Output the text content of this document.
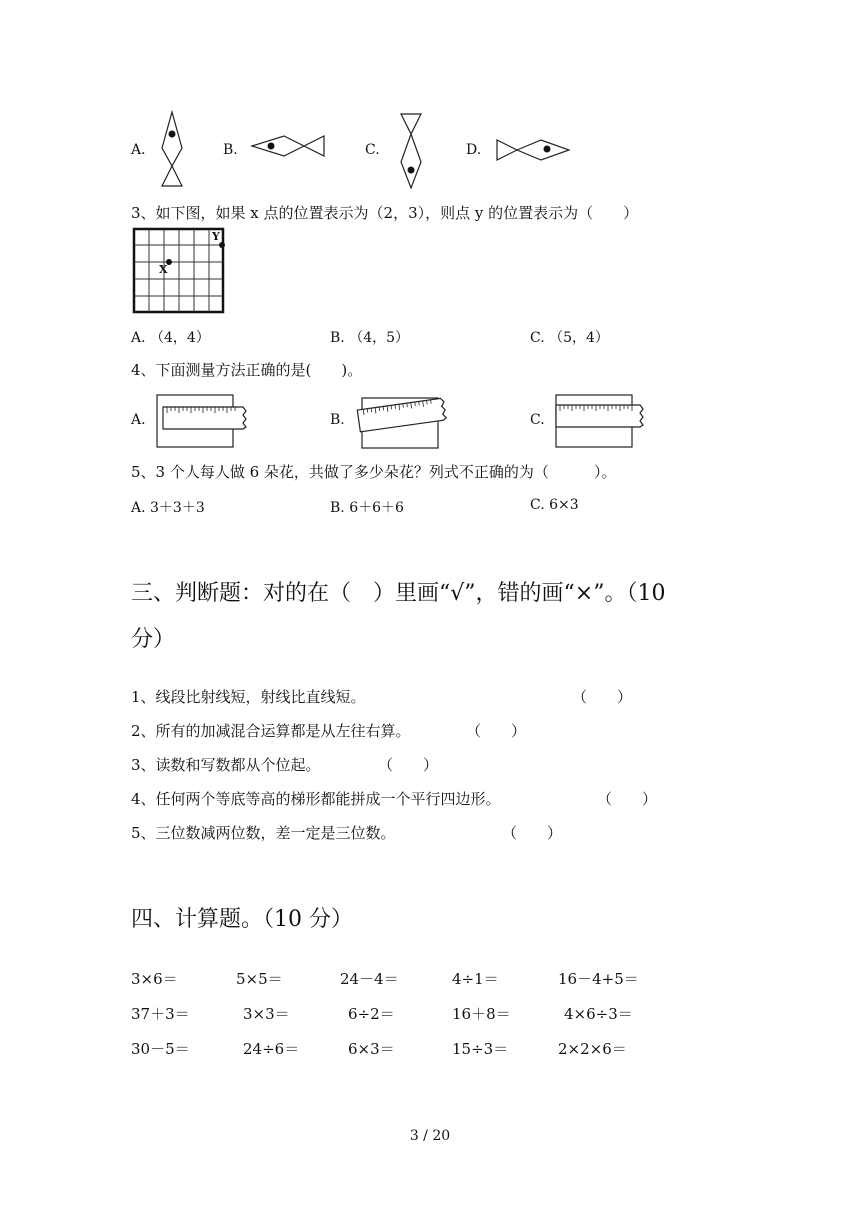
A.	B.	C.	D.
3、如下图，如果 x 点的位置表示为（2，3），则点 y 的位置表示为（　　）
X
Y
A. （4，4）	B. （4，5）	C. （5，4）
4、下面测量方法正确的是(　　)。
A.	B.	C.
5、3 个人每人做 6 朵花，共做了多少朵花？列式不正确的为（　　　）。
A. 3＋3＋3	B. 6＋6＋6	C. 6×3
三、判断题：对的在（　）里画“√”，错的画“×”。（10
分）
1、线段比射线短，射线比直线短。	（　　）
2、所有的加减混合运算都是从左往右算。	（　　）
3、读数和写数都从个位起。	（　　）
4、任何两个等底等高的梯形都能拼成一个平行四边形。	（　　）
5、三位数减两位数，差一定是三位数。	（　　）
四、计算题。（10 分）
3×6＝	5×5＝	24－4＝	4÷1＝	16－4+5＝
37＋3＝	3×3＝	6÷2＝	16＋8＝	4×6÷3＝
30－5＝	24÷6＝	6×3＝	15÷3＝	2×2×6＝
3 / 20
